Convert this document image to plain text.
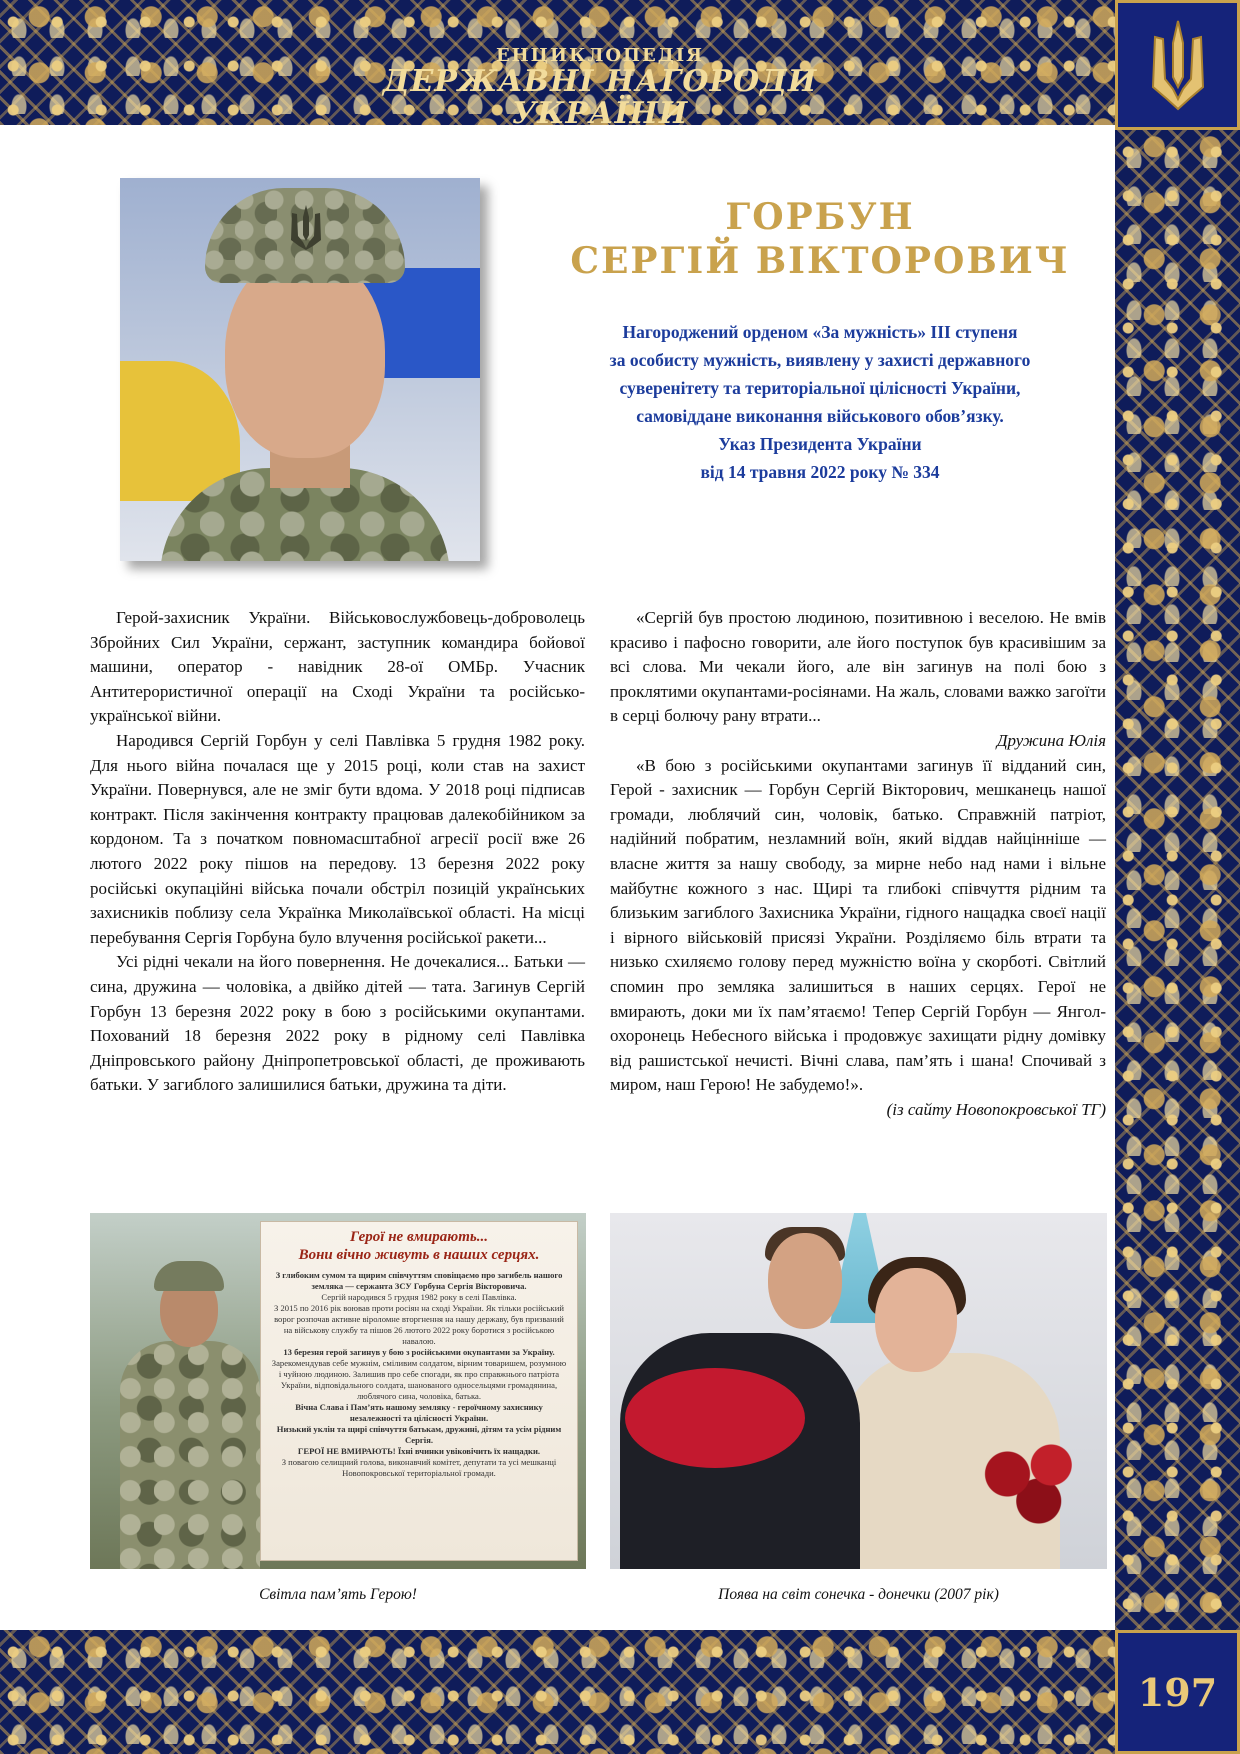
ЕНЦИКЛОПЕДІЯ
ДЕРЖАВНІ НАГОРОДИ
УКРАЇНИ
197
ГОРБУН
СЕРГІЙ ВІКТОРОВИЧ

Нагороджений орденом «За мужність» ІІІ ступеня
за особисту мужність, виявлену у захисті державного
суверенітету та територіальної цілісності України,
самовіддане виконання військового обов’язку.
Указ Президента України
від 14 травня 2022 року № 334

Герой-захисник України. Військовослужбовець-доброволець Збройних Сил України, сержант, заступник командира бойової машини, оператор - навідник 28-ої ОМБр. Учасник Антитерористичної операції на Сході України та російсько-української війни.

Народився Сергій Горбун у селі Павлівка 5 грудня 1982 року. Для нього війна почалася ще у 2015 році, коли став на захист України. Повернувся, але не зміг бути вдома. У 2018 році підписав контракт. Після закінчення контракту працював далекобійником за кордоном. Та з початком повномасштабної агресії росії вже 26 лютого 2022 року пішов на передову. 13 березня 2022 року російські окупаційні війська почали обстріл позицій українських захисників поблизу села Українка Миколаївської області. На місці перебування Сергія Горбуна було влучення російської ракети...

Усі рідні чекали на його повернення. Не дочекалися... Батьки — сина, дружина — чоловіка, а двійко дітей — тата. Загинув Сергій Горбун 13 березня 2022 року в бою з російськими окупантами. Похований 18 березня 2022 року в рідному селі Павлівка Дніпровського району Дніпропетровської області, де проживають батьки. У загиблого залишилися батьки, дружина та діти.

«Сергій був простою людиною, позитивною і веселою. Не вмів красиво і пафосно говорити, але його поступок був красивішим за всі слова. Ми чекали його, але він загинув на полі бою з проклятими окупантами-росіянами. На жаль, словами важко загоїти в серці болючу рану втрати...

Дружина Юлія

«В бою з російськими окупантами загинув її відданий син, Герой - захисник — Горбун Сергій Вікторович, мешканець нашої громади, люблячий син, чоловік, батько. Справжній патріот, надійний побратим, незламний воїн, який віддав найцінніше — власне життя за нашу свободу, за мирне небо над нами і вільне майбутнє кожного з нас. Щирі та глибокі співчуття рідним та близьким загиблого Захисника України, гідного нащадка своєї нації і вірного військовій присязі України. Розділяємо біль втрати та низько схиляємо голову перед мужністю воїна у скорботі. Світлий спомин про земляка залишиться в наших серцях. Герої не вмирають, доки ми їх пам’ятаємо! Тепер Сергій Горбун — Янгол-охоронець Небесного війська і продовжує захищати рідну домівку від рашистської нечисті. Вічні слава, пам’ять і шана! Спочивай з миром, наш Герою! Не забудемо!».

(із сайту Новопокровської ТГ)

Герої не вмирають...
Вони вічно живуть в наших серцях.

З глибоким сумом та щирим співчуттям сповіщаємо про загибель нашого земляка — сержанта ЗСУ Горбуна Сергія Вікторовича.

Сергій народився 5 грудня 1982 року в селі Павлівка.

З 2015 по 2016 рік воював проти росіян на сході України. Як тільки російський ворог розпочав активне віроломне вторгнення на нашу державу, був призваний на військову службу та пішов 26 лютого 2022 року боротися з російською навалою.

13 березня герой загинув у бою з російськими окупантами за Україну.

Зарекомендував себе мужнім, сміливим солдатом, вірним товаришем, розумною і чуйною людиною. Залишив про себе спогади, як про справжнього патріота України, відповідального солдата, шанованого односельцями громадянина, люблячого сина, чоловіка, батька.

Вічна Слава і Пам’ять нашому земляку - героїчному захиснику незалежності та цілісності України.

Низький уклін та щирі співчуття батькам, дружині, дітям та усім рідним Сергія.

ГЕРОЇ НЕ ВМИРАЮТЬ! Їхні вчинки увіковічить їх нащадки.

З повагою селищний голова, виконавчий комітет, депутати та усі мешканці Новопокровської територіальної громади.

Світла пам’ять Герою!	Поява на світ сонечка - донечки (2007 рік)
